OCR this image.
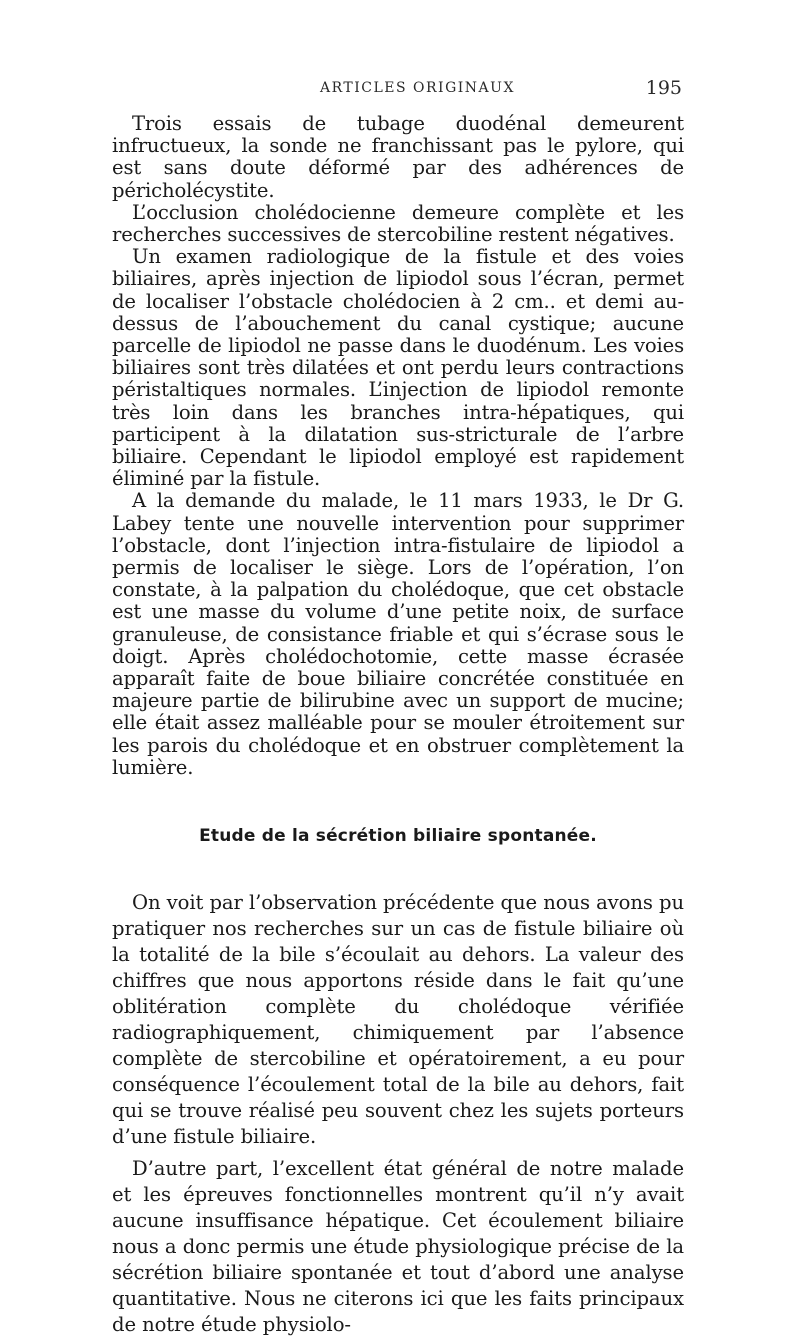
ARTICLES ORIGINAUX	195

Trois essais de tubage duodénal demeurent infructueux, la sonde ne franchissant pas le pylore, qui est sans doute déformé par des adhérences de péricholécystite.

L’occlusion cholédocienne demeure complète et les recherches successives de stercobiline restent négatives.

Un examen radiologique de la fistule et des voies biliaires, après injection de lipiodol sous l’écran, permet de localiser l’obstacle cholédocien à 2 cm.. et demi au-dessus de l’abouchement du canal cystique; aucune parcelle de lipiodol ne passe dans le duodénum. Les voies biliaires sont très dilatées et ont perdu leurs contractions péristaltiques normales. L’injection de lipiodol remonte très loin dans les branches intra-hépatiques, qui participent à la dilatation sus-stricturale de l’arbre biliaire. Cependant le lipiodol employé est rapidement éliminé par la fistule.

A la demande du malade, le 11 mars 1933, le Dr G. Labey tente une nouvelle intervention pour supprimer l’obstacle, dont l’injection intra-fistulaire de lipiodol a permis de localiser le siège. Lors de l’opération, l’on constate, à la palpation du cholédoque, que cet obstacle est une masse du volume d’une petite noix, de surface granuleuse, de consistance friable et qui s’écrase sous le doigt. Après cholédochotomie, cette masse écrasée apparaît faite de boue biliaire concrétée constituée en majeure partie de bilirubine avec un support de mucine; elle était assez malléable pour se mouler étroitement sur les parois du cholédoque et en obstruer complètement la lumière.

Etude de la sécrétion biliaire spontanée.

On voit par l’observation précédente que nous avons pu pratiquer nos recherches sur un cas de fistule biliaire où la totalité de la bile s’écoulait au dehors. La valeur des chiffres que nous apportons réside dans le fait qu’une oblitération complète du cholédoque vérifiée radiographiquement, chimiquement par l’absence complète de stercobiline et opératoirement, a eu pour conséquence l’écoulement total de la bile au dehors, fait qui se trouve réalisé peu souvent chez les sujets porteurs d’une fistule biliaire.

D’autre part, l’excellent état général de notre malade et les épreuves fonctionnelles montrent qu’il n’y avait aucune insuffisance hépatique. Cet écoulement biliaire nous a donc permis une étude physiologique précise de la sécrétion biliaire spontanée et tout d’abord une analyse quantitative. Nous ne citerons ici que les faits principaux de notre étude physiolo-
